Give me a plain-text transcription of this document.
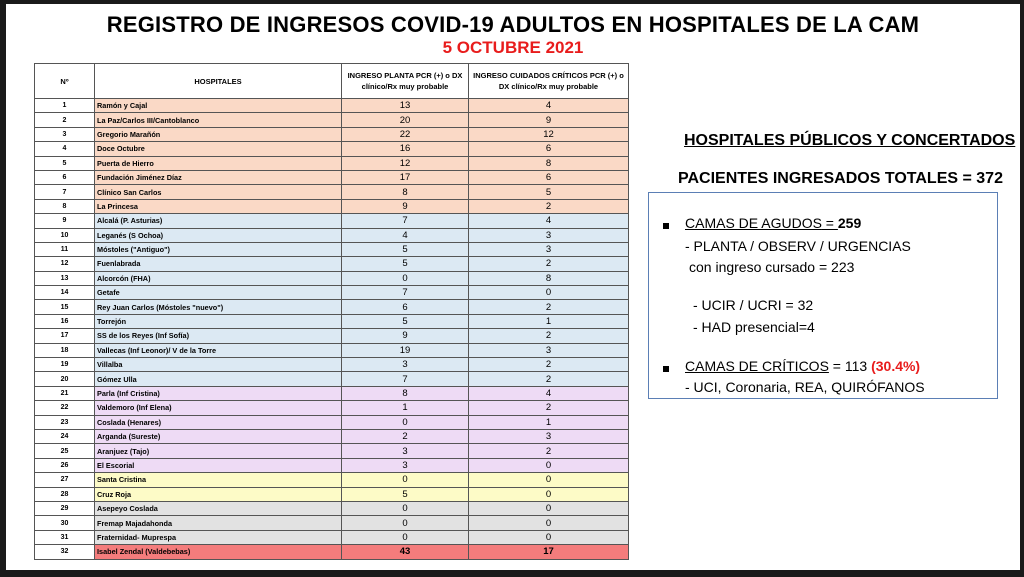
REGISTRO DE INGRESOS COVID-19 ADULTOS EN HOSPITALES DE LA CAM
5 OCTUBRE 2021
Nº	HOSPITALES	INGRESO PLANTA PCR (+) o DX clínico/Rx muy probable	INGRESO CUIDADOS CRÍTICOS PCR (+) o DX clínico/Rx muy probable
1	Ramón y Cajal	13	4
2	La Paz/Carlos III/Cantoblanco	20	9
3	Gregorio Marañón	22	12
4	Doce Octubre	16	6
5	Puerta de Hierro	12	8
6	Fundación Jiménez Díaz	17	6
7	Clínico San Carlos	8	5
8	La Princesa	9	2
9	Alcalá (P. Asturias)	7	4
10	Leganés (S Ochoa)	4	3
11	Móstoles ("Antiguo")	5	3
12	Fuenlabrada	5	2
13	Alcorcón (FHA)	0	8
14	Getafe	7	0
15	Rey Juan Carlos (Móstoles "nuevo")	6	2
16	Torrejón	5	1
17	SS de los Reyes (Inf Sofía)	9	2
18	Vallecas (Inf Leonor)/ V de la Torre	19	3
19	Villalba	3	2
20	Gómez Ulla	7	2
21	Parla (Inf Cristina)	8	4
22	Valdemoro (Inf Elena)	1	2
23	Coslada (Henares)	0	1
24	Arganda (Sureste)	2	3
25	Aranjuez (Tajo)	3	2
26	El Escorial	3	0
27	Santa Cristina	0	0
28	Cruz Roja	5	0
29	Asepeyo Coslada	0	0
30	Fremap Majadahonda	0	0
31	Fraternidad- Muprespa	0	0
32	Isabel Zendal (Valdebebas)	43	17
HOSPITALES PÚBLICOS Y CONCERTADOS
PACIENTES INGRESADOS TOTALES = 372
CAMAS DE AGUDOS = 259
- PLANTA / OBSERV / URGENCIAS
con ingreso cursado = 223
- UCIR / UCRI = 32
- HAD presencial=4
CAMAS DE CRÍTICOS = 113 (30.4%)
- UCI, Coronaria, REA, QUIRÓFANOS
